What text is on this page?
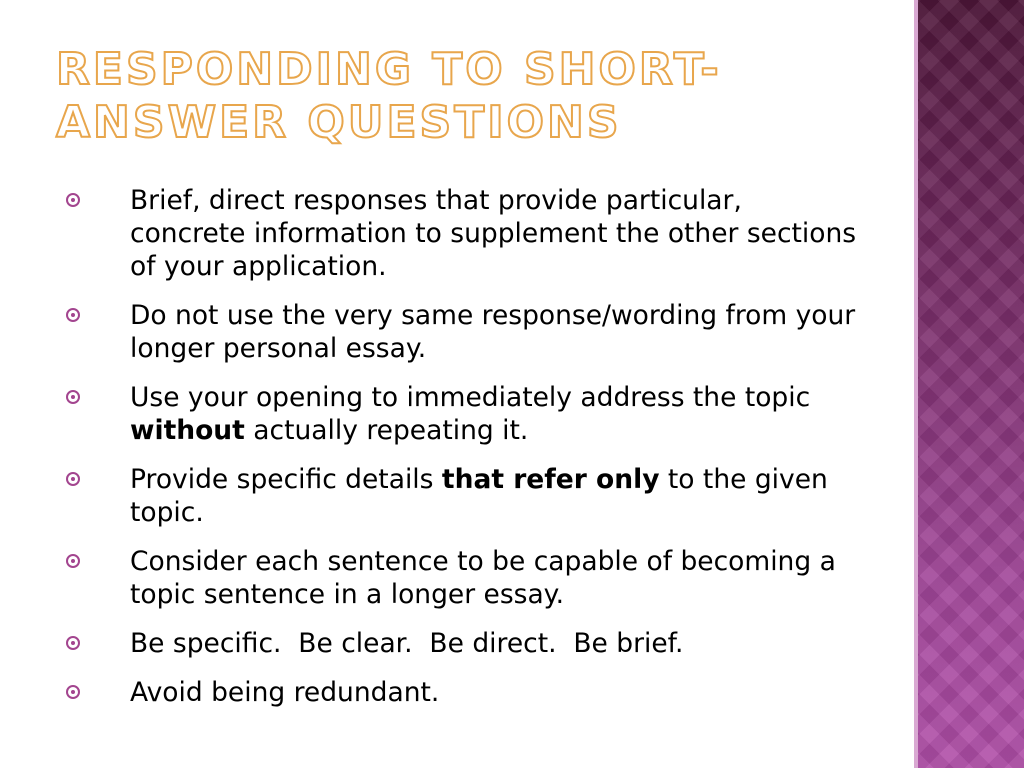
RESPONDING TO SHORT-ANSWER QUESTIONS
Brief, direct responses that provide particular, concrete information to supplement the other sections of your application.
Do not use the very same response/wording from your longer personal essay.
Use your opening to immediately address the topic without actually repeating it.
Provide specific details that refer only to the given topic.
Consider each sentence to be capable of becoming a topic sentence in a longer essay.
Be specific.  Be clear.  Be direct.  Be brief.
Avoid being redundant.
